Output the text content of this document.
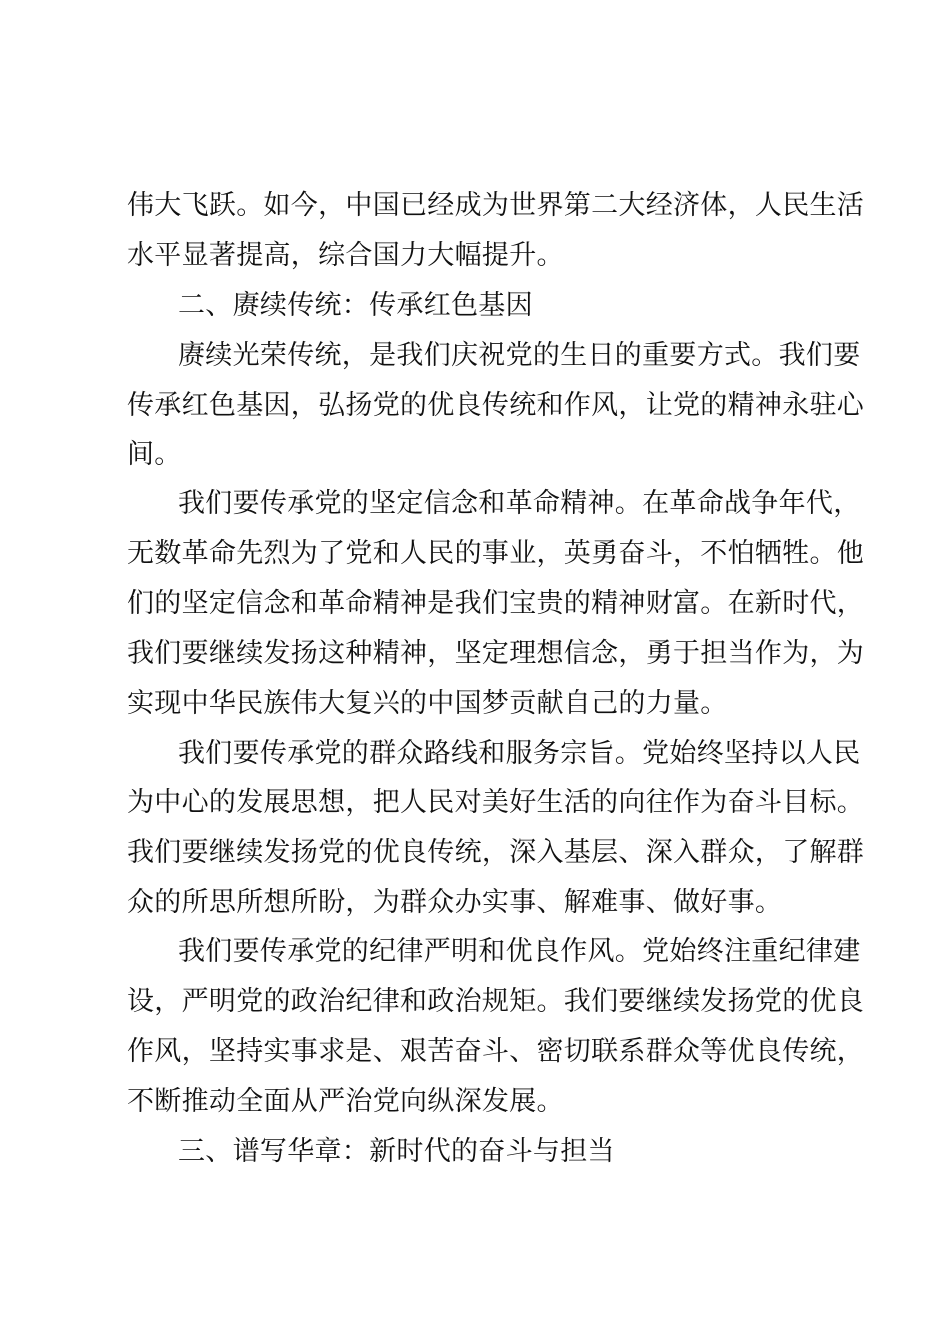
伟大飞跃。如今，中国已经成为世界第二大经济体，人民生活
水平显著提高，综合国力大幅提升。
二、赓续传统：传承红色基因
赓续光荣传统，是我们庆祝党的生日的重要方式。我们要
传承红色基因，弘扬党的优良传统和作风，让党的精神永驻心
间。
我们要传承党的坚定信念和革命精神。在革命战争年代，
无数革命先烈为了党和人民的事业，英勇奋斗，不怕牺牲。他
们的坚定信念和革命精神是我们宝贵的精神财富。在新时代，
我们要继续发扬这种精神，坚定理想信念，勇于担当作为，为
实现中华民族伟大复兴的中国梦贡献自己的力量。
我们要传承党的群众路线和服务宗旨。党始终坚持以人民
为中心的发展思想，把人民对美好生活的向往作为奋斗目标。
我们要继续发扬党的优良传统，深入基层、深入群众，了解群
众的所思所想所盼，为群众办实事、解难事、做好事。
我们要传承党的纪律严明和优良作风。党始终注重纪律建
设，严明党的政治纪律和政治规矩。我们要继续发扬党的优良
作风，坚持实事求是、艰苦奋斗、密切联系群众等优良传统，
不断推动全面从严治党向纵深发展。
三、谱写华章：新时代的奋斗与担当
